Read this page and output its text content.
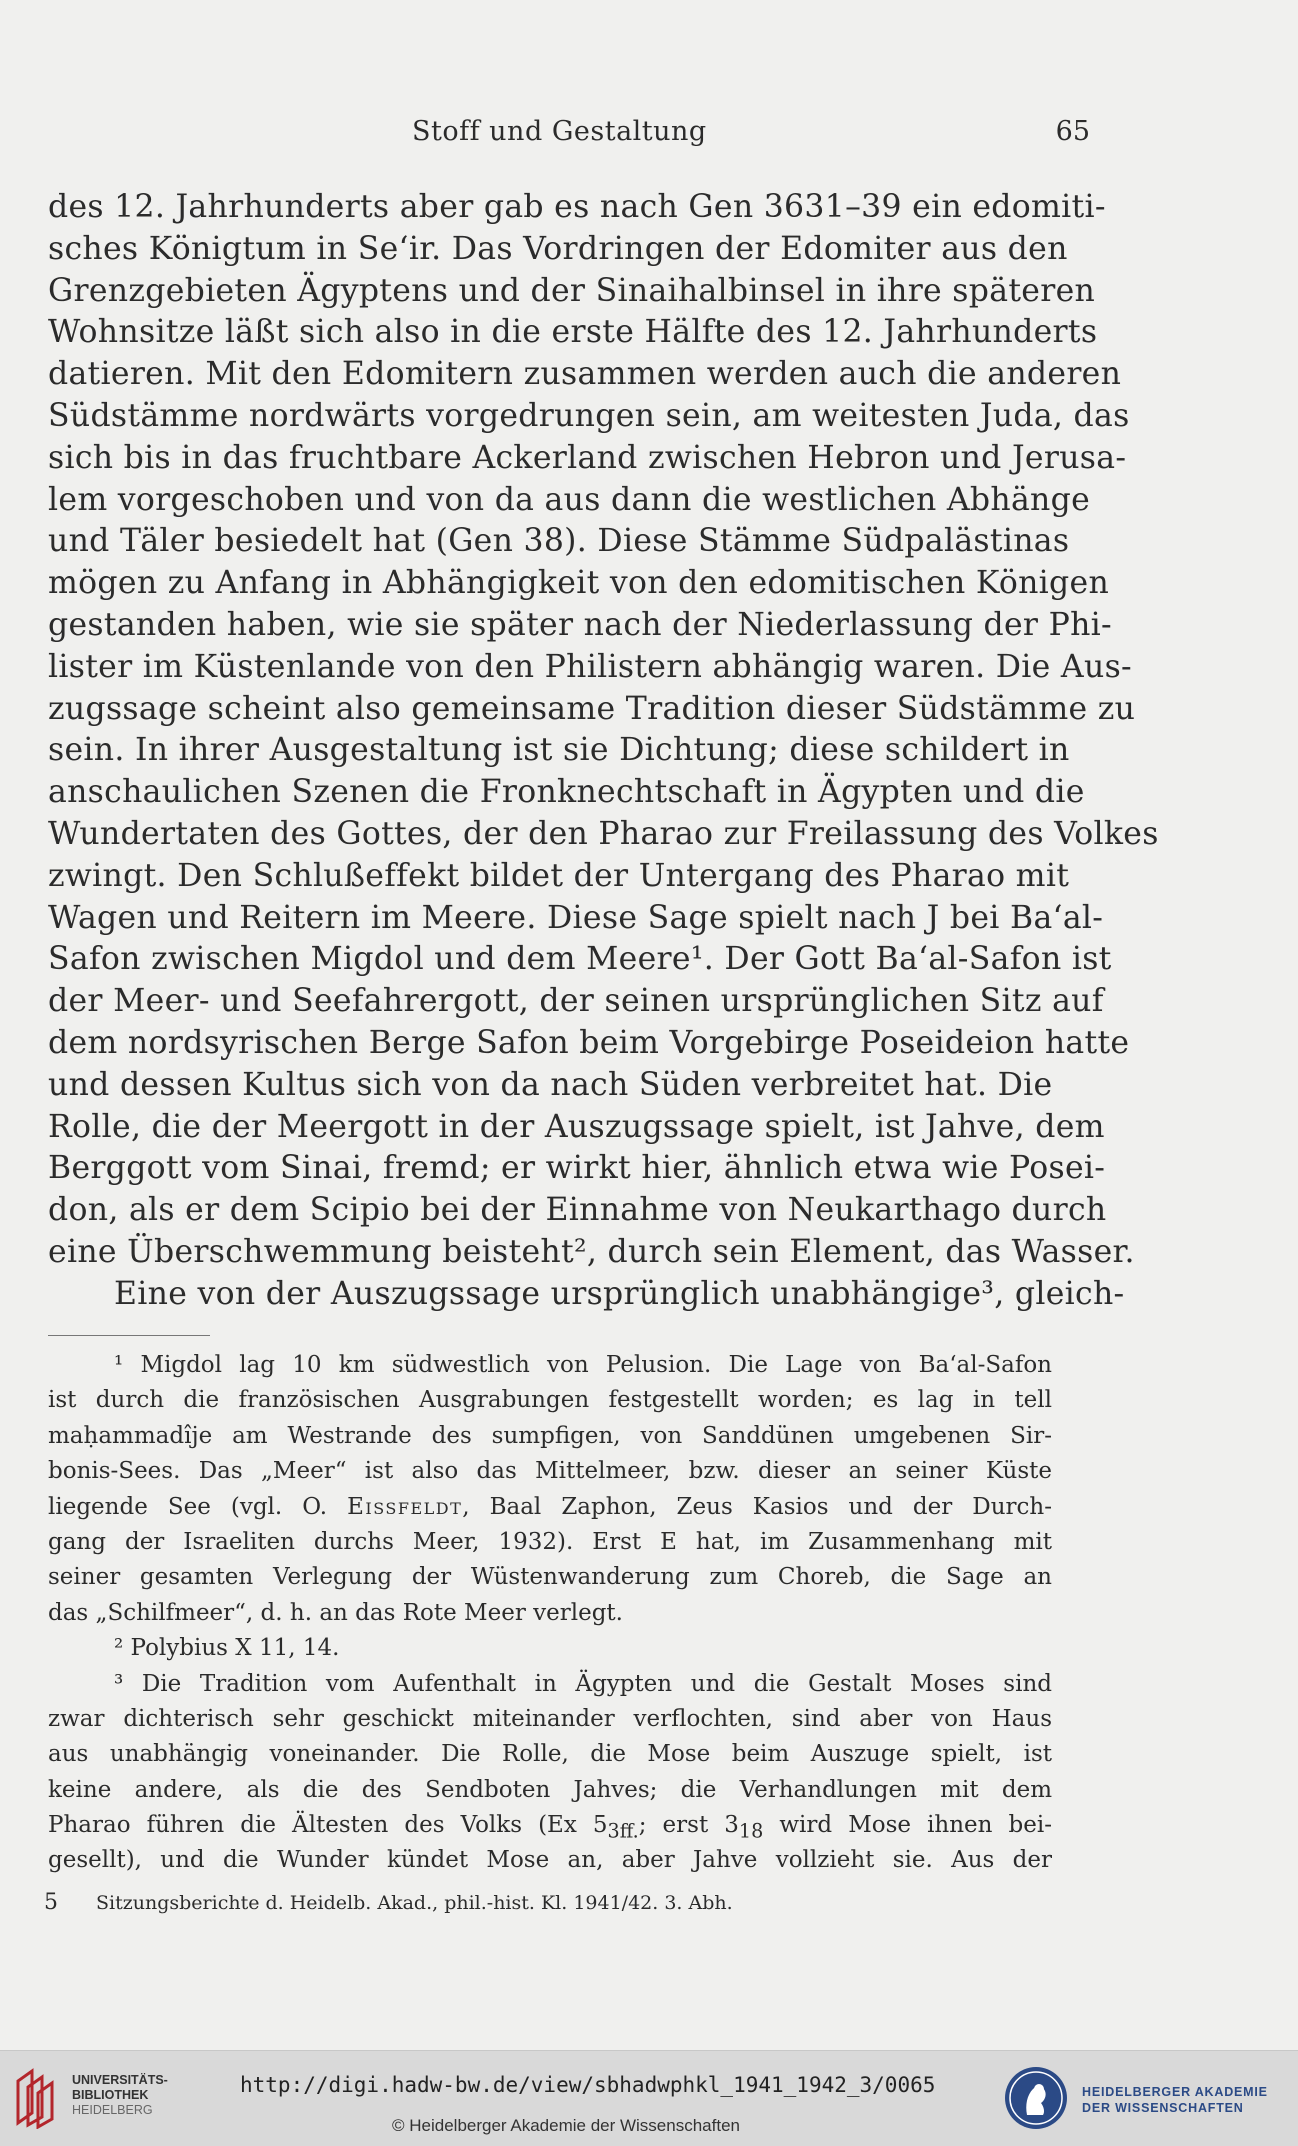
Stoff und Gestaltung	65
des 12. Jahrhunderts aber gab es nach Gen 3631–39 ein edomiti-
sches Königtum in Se‘ir. Das Vordringen der Edomiter aus den
Grenzgebieten Ägyptens und der Sinaihalbinsel in ihre späteren
Wohnsitze läßt sich also in die erste Hälfte des 12. Jahrhunderts
datieren. Mit den Edomitern zusammen werden auch die anderen
Südstämme nordwärts vorgedrungen sein, am weitesten Juda, das
sich bis in das fruchtbare Ackerland zwischen Hebron und Jerusa-
lem vorgeschoben und von da aus dann die westlichen Abhänge
und Täler besiedelt hat (Gen 38). Diese Stämme Südpalästinas
mögen zu Anfang in Abhängigkeit von den edomitischen Königen
gestanden haben, wie sie später nach der Niederlassung der Phi-
lister im Küstenlande von den Philistern abhängig waren. Die Aus-
zugssage scheint also gemeinsame Tradition dieser Südstämme zu
sein. In ihrer Ausgestaltung ist sie Dichtung; diese schildert in
anschaulichen Szenen die Fronknechtschaft in Ägypten und die
Wundertaten des Gottes, der den Pharao zur Freilassung des Volkes
zwingt. Den Schlußeffekt bildet der Untergang des Pharao mit
Wagen und Reitern im Meere. Diese Sage spielt nach J bei Ba‘al-
Safon zwischen Migdol und dem Meere¹. Der Gott Ba‘al-Safon ist
der Meer- und Seefahrergott, der seinen ursprünglichen Sitz auf
dem nordsyrischen Berge Safon beim Vorgebirge Poseideion hatte
und dessen Kultus sich von da nach Süden verbreitet hat. Die
Rolle, die der Meergott in der Auszugssage spielt, ist Jahve, dem
Berggott vom Sinai, fremd; er wirkt hier, ähnlich etwa wie Posei-
don, als er dem Scipio bei der Einnahme von Neukarthago durch
eine Überschwemmung beisteht², durch sein Element, das Wasser.
Eine von der Auszugssage ursprünglich unabhängige³, gleich-
¹ Migdol lag 10 km südwestlich von Pelusion. Die Lage von Ba‘al-Safon
ist durch die französischen Ausgrabungen festgestellt worden; es lag in tell
maḥammadîje am Westrande des sumpfigen, von Sanddünen umgebenen Sir-
bonis-Sees. Das „Meer“ ist also das Mittelmeer, bzw. dieser an seiner Küste
liegende See (vgl. O. Eissfeldt, Baal Zaphon, Zeus Kasios und der Durch-
gang der Israeliten durchs Meer, 1932). Erst E hat, im Zusammenhang mit
seiner gesamten Verlegung der Wüstenwanderung zum Choreb, die Sage an
das „Schilfmeer“, d. h. an das Rote Meer verlegt.
² Polybius X 11, 14.
³ Die Tradition vom Aufenthalt in Ägypten und die Gestalt Moses sind
zwar dichterisch sehr geschickt miteinander verflochten, sind aber von Haus
aus unabhängig voneinander. Die Rolle, die Mose beim Auszuge spielt, ist
keine andere, als die des Sendboten Jahves; die Verhandlungen mit dem
Pharao führen die Ältesten des Volks (Ex $5_{3ff.}$; erst $3_{18}$ wird Mose ihnen bei-
gesellt), und die Wunder kündet Mose an, aber Jahve vollzieht sie. Aus der
5 Sitzungsberichte d. Heidelb. Akad., phil.-hist. Kl. 1941/42. 3. Abh.
UNIVERSITÄTS-
BIBLIOTHEK
HEIDELBERG
http://digi.hadw-bw.de/view/sbhadwphkl_1941_1942_3/0065
© Heidelberger Akademie der Wissenschaften
HEIDELBERGER AKADEMIE
DER WISSENSCHAFTEN
